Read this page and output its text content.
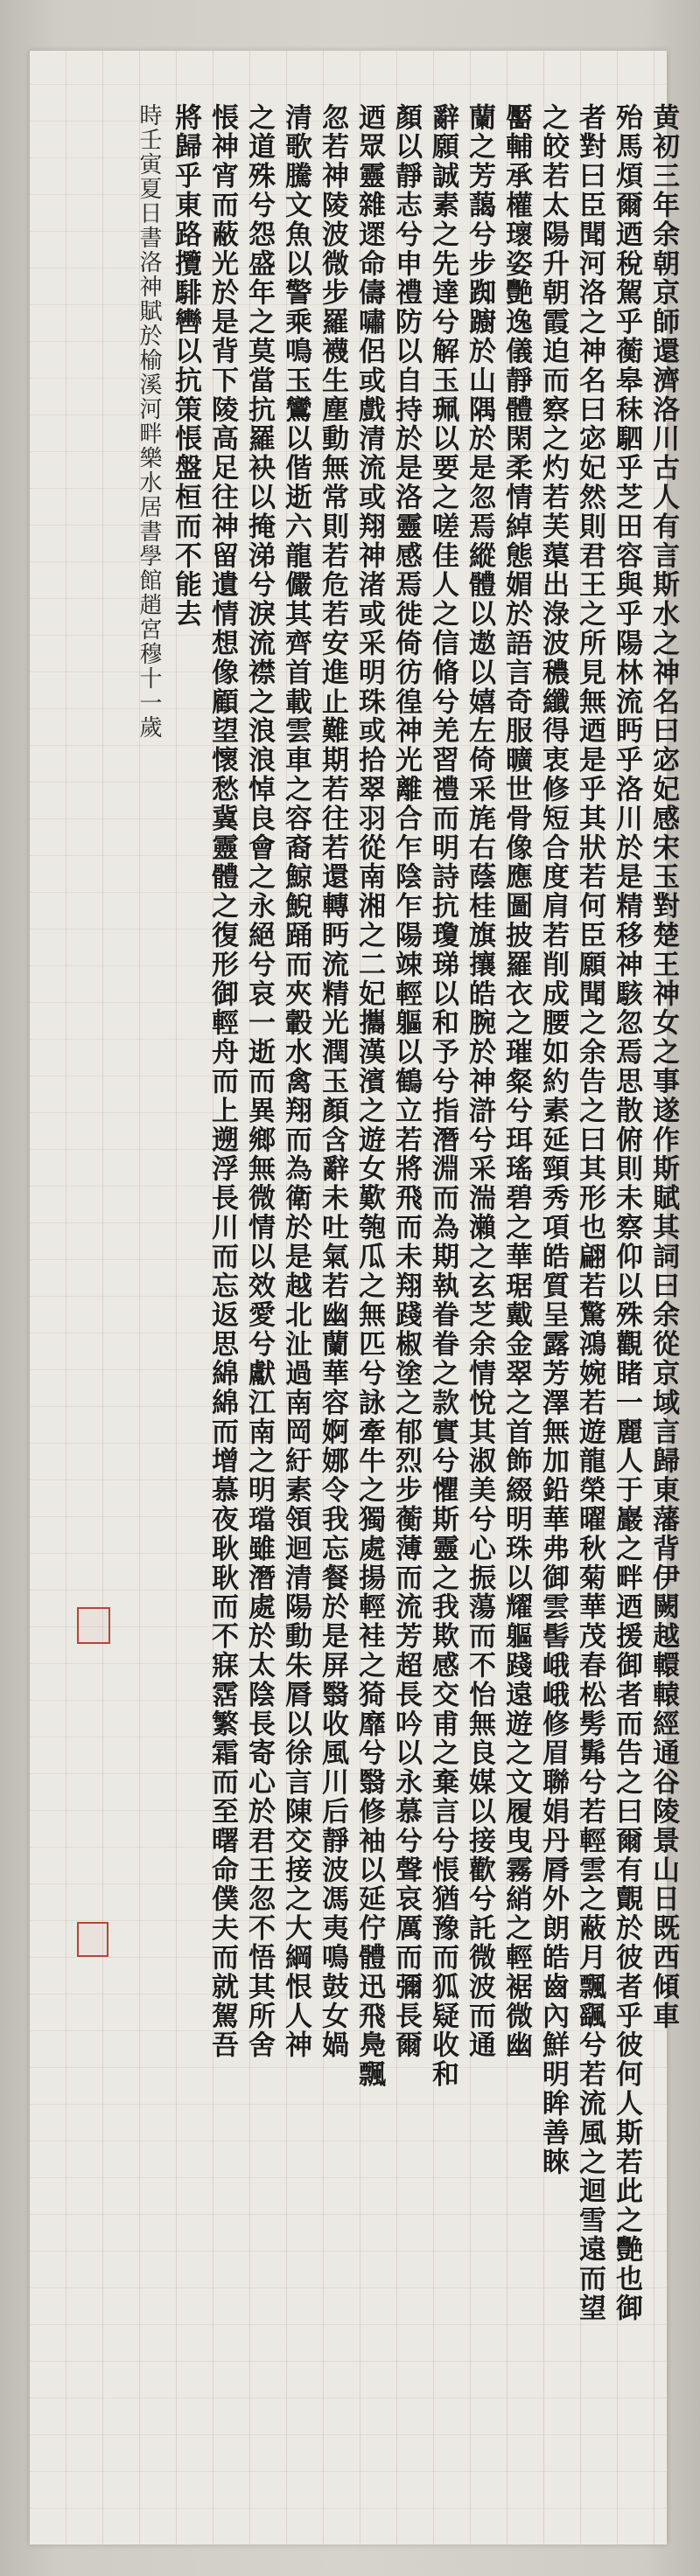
黄初三年余朝京師還濟洛川古人有言斯水之神名曰宓妃感宋玉對楚王神女之事遂作斯賦其詞曰余從京域言歸東藩背伊闕越轘轅經通谷陵景山日既西傾車
殆馬煩爾迺稅駕乎蘅皋秣駟乎芝田容與乎陽林流眄乎洛川於是精移神駭忽焉思散俯則未察仰以殊觀睹一麗人于巖之畔迺援御者而告之曰爾有覿於彼者乎彼何人斯若此之艷也御
者對曰臣聞河洛之神名曰宓妃然則君王之所見無迺是乎其狀若何臣願聞之余告之曰其形也翩若驚鴻婉若遊龍榮曜秋菊華茂春松髣髴兮若輕雲之蔽月飄颻兮若流風之迴雪遠而望
之皎若太陽升朝霞迫而察之灼若芙蕖出淥波穠纖得衷修短合度肩若削成腰如約素延頸秀項皓質呈露芳澤無加鉛華弗御雲髻峨峨修眉聯娟丹脣外朗皓齒內鮮明眸善睞
靨輔承權瓌姿艷逸儀靜體閑柔情綽態媚於語言奇服曠世骨像應圖披羅衣之璀粲兮珥瑤碧之華琚戴金翠之首飾綴明珠以耀軀踐遠遊之文履曳霧綃之輕裾微幽
蘭之芳藹兮步踟躕於山隅於是忽焉縱體以遨以嬉左倚采旄右蔭桂旗攘皓腕於神滸兮采湍瀨之玄芝余情悅其淑美兮心振蕩而不怡無良媒以接歡兮託微波而通
辭願誠素之先達兮解玉珮以要之嗟佳人之信脩兮羌習禮而明詩抗瓊珶以和予兮指潛淵而為期執眷眷之款實兮懼斯靈之我欺感交甫之棄言兮悵猶豫而狐疑收和
顏以靜志兮申禮防以自持於是洛靈感焉徙倚彷徨神光離合乍陰乍陽竦輕軀以鶴立若將飛而未翔踐椒塗之郁烈步蘅薄而流芳超長吟以永慕兮聲哀厲而彌長爾
迺眾靈雜遝命儔嘯侶或戲清流或翔神渚或采明珠或拾翠羽從南湘之二妃攜漢濱之遊女歎匏瓜之無匹兮詠牽牛之獨處揚輕袿之猗靡兮翳修袖以延佇體迅飛鳧飄
忽若神陵波微步羅襪生塵動無常則若危若安進止難期若往若還轉眄流精光潤玉顏含辭未吐氣若幽蘭華容婀娜令我忘餐於是屏翳收風川后靜波馮夷鳴鼓女媧
清歌騰文魚以警乘鳴玉鸞以偕逝六龍儼其齊首載雲車之容裔鯨鯢踊而夾轂水禽翔而為衛於是越北沚過南岡紆素領迴清陽動朱脣以徐言陳交接之大綱恨人神
之道殊兮怨盛年之莫當抗羅袂以掩涕兮淚流襟之浪浪悼良會之永絕兮哀一逝而異鄉無微情以效愛兮獻江南之明璫雖潛處於太陰長寄心於君王忽不悟其所舍
悵神宵而蔽光於是背下陵高足往神留遺情想像顧望懷愁冀靈體之復形御輕舟而上遡浮長川而忘返思綿綿而增慕夜耿耿而不寐霑繁霜而至曙命僕夫而就駕吾
將歸乎東路攬騑轡以抗策悵盤桓而不能去
時壬寅夏日書洛神賦於榆溪河畔樂水居書學館趙宮穆十一歲
